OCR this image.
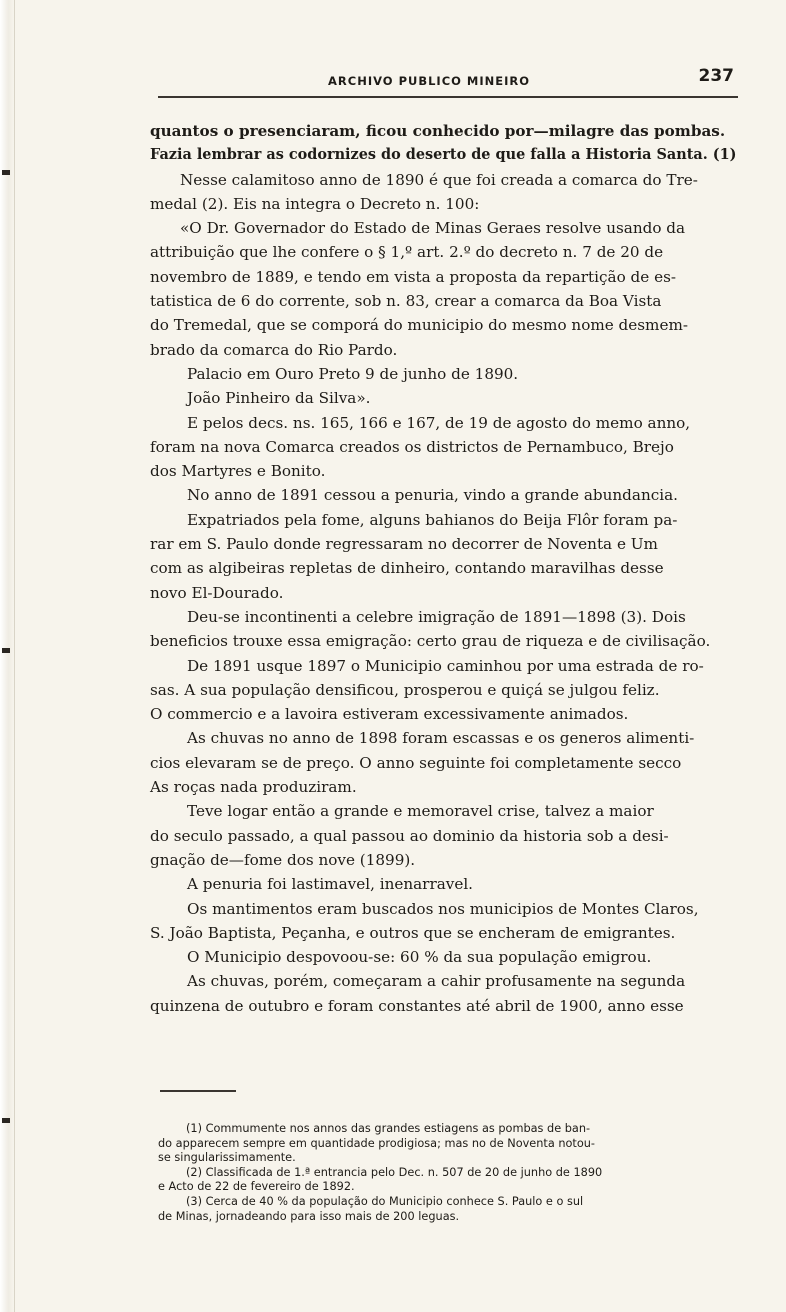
ARCHIVO PUBLICO MINEIRO	237
quantos o presenciaram, ficou conhecido por—milagre das pombas.
Fazia lembrar as codornizes do deserto de que falla a Historia Santa. (1)
Nesse calamitoso anno de 1890 é que foi creada a comarca do Tre-
medal (2). Eis na integra o Decreto n. 100:
«O Dr. Governador do Estado de Minas Geraes resolve usando da
attribuição que lhe confere o § 1,º art. 2.º do decreto n. 7 de 20 de
novembro de 1889, e tendo em vista a proposta da repartição de es-
tatistica de 6 do corrente, sob n. 83, crear a comarca da Boa Vista
do Tremedal, que se comporá do municipio do mesmo nome desmem-
brado da comarca do Rio Pardo.
Palacio em Ouro Preto 9 de junho de 1890.
João Pinheiro da Silva».
E pelos decs. ns. 165, 166 e 167, de 19 de agosto do memo anno,
foram na nova Comarca creados os districtos de Pernambuco, Brejo
dos Martyres e Bonito.
No anno de 1891 cessou a penuria, vindo a grande abundancia.
Expatriados pela fome, alguns bahianos do Beija Flôr foram pa-
rar em S. Paulo donde regressaram no decorrer de Noventa e Um
com as algibeiras repletas de dinheiro, contando maravilhas desse
novo El-Dourado.
Deu-se incontinenti a celebre imigração de 1891—1898 (3). Dois
beneficios trouxe essa emigração: certo grau de riqueza e de civilisação.
De 1891 usque 1897 o Municipio caminhou por uma estrada de ro-
sas. A sua população densificou, prosperou e quiçá se julgou feliz.
O commercio e a lavoira estiveram excessivamente animados.
As chuvas no anno de 1898 foram escassas e os generos alimenti-
cios elevaram se de preço. O anno seguinte foi completamente secco
As roças nada produziram.
Teve logar então a grande e memoravel crise, talvez a maior
do seculo passado, a qual passou ao dominio da historia sob a desi-
gnação de—fome dos nove (1899).
A penuria foi lastimavel, inenarravel.
Os mantimentos eram buscados nos municipios de Montes Claros,
S. João Baptista, Peçanha, e outros que se encheram de emigrantes.
O Municipio despovoou-se: 60 % da sua população emigrou.
As chuvas, porém, começaram a cahir profusamente na segunda
quinzena de outubro e foram constantes até abril de 1900, anno esse
(1) Commumente nos annos das grandes estiagens as pombas de ban-
do apparecem sempre em quantidade prodigiosa; mas no de Noventa notou-
se singularissimamente.
(2) Classificada de 1.ª entrancia pelo Dec. n. 507 de 20 de junho de 1890
e Acto de 22 de fevereiro de 1892.
(3) Cerca de 40 % da população do Municipio conhece S. Paulo e o sul
de Minas, jornadeando para isso mais de 200 leguas.
